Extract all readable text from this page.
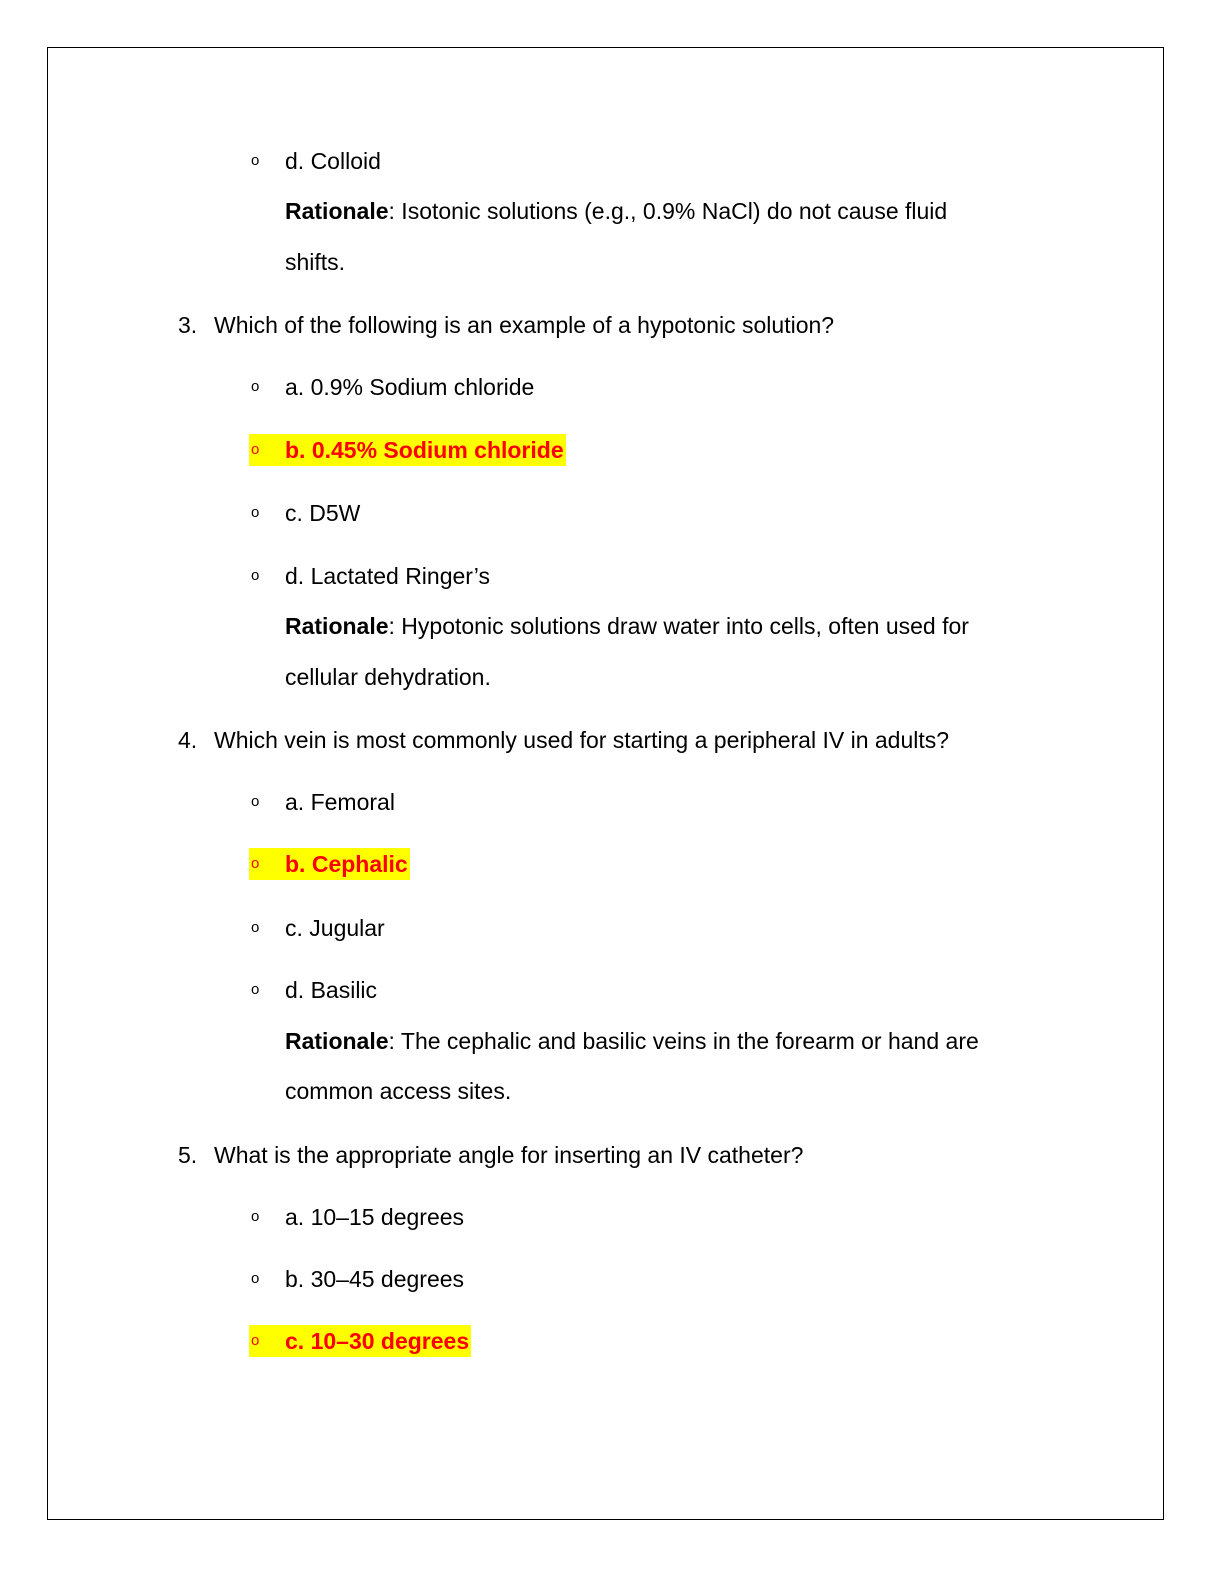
o	d. Colloid
Rationale: Isotonic solutions (e.g., 0.9% NaCl) do not cause fluid
shifts.
3. Which of the following is an example of a hypotonic solution?
o	a. 0.9% Sodium chloride
o	b. 0.45% Sodium chloride
o	c. D5W
o	d. Lactated Ringer’s
Rationale: Hypotonic solutions draw water into cells, often used for
cellular dehydration.
4. Which vein is most commonly used for starting a peripheral IV in adults?
o	a. Femoral
o	b. Cephalic
o	c. Jugular
o	d. Basilic
Rationale: The cephalic and basilic veins in the forearm or hand are
common access sites.
5. What is the appropriate angle for inserting an IV catheter?
o	a. 10–15 degrees
o	b. 30–45 degrees
o	c. 10–30 degrees
